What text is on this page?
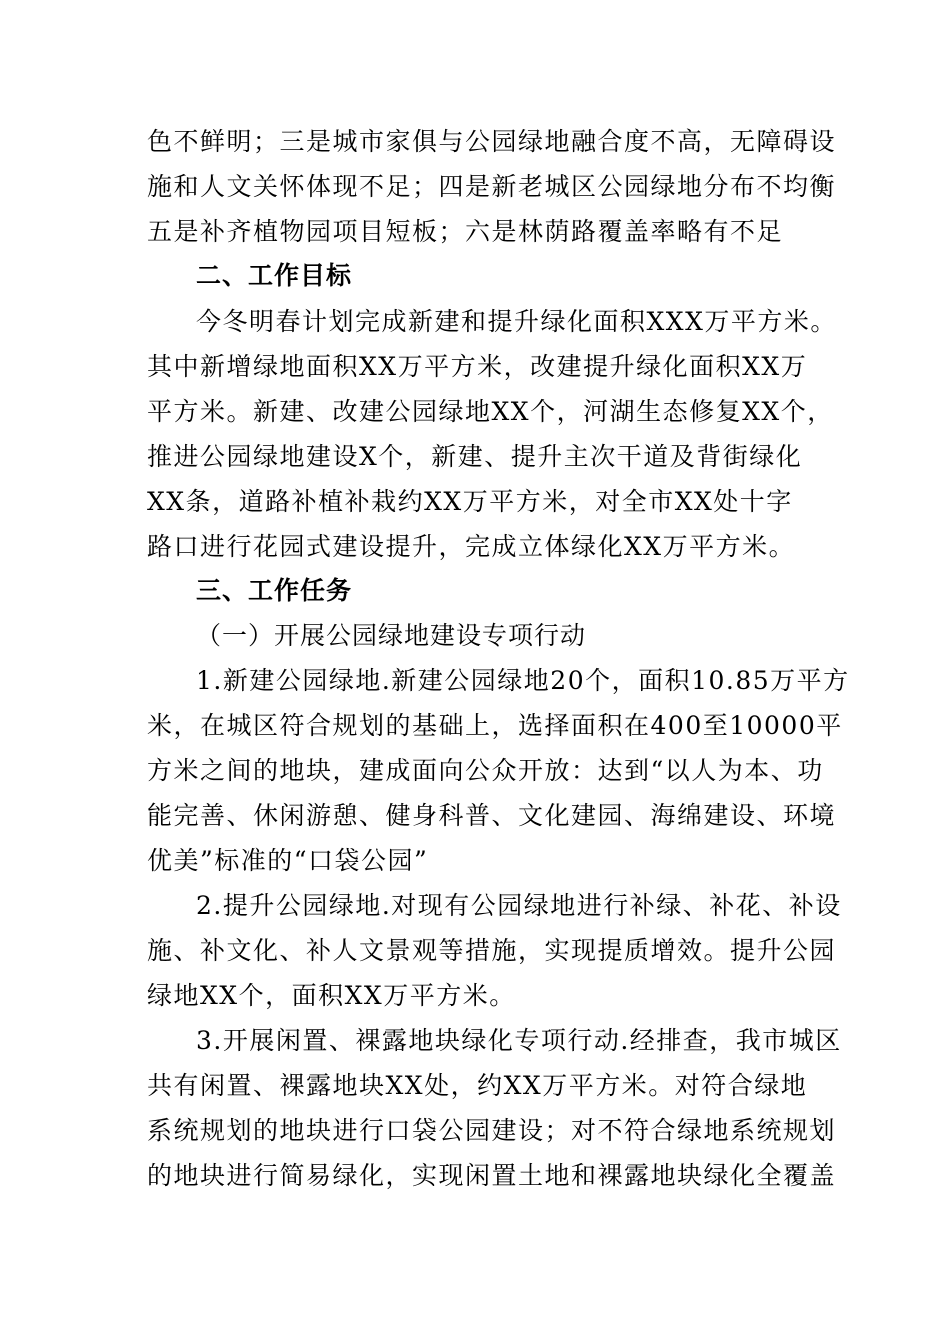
色不鲜明；三是城市家俱与公园绿地融合度不高，无障碍设
施和人文关怀体现不足；四是新老城区公园绿地分布不均衡
五是补齐植物园项目短板；六是林荫路覆盖率略有不足
二、工作目标
今冬明春计划完成新建和提升绿化面积XXX万平方米。
其中新增绿地面积XX万平方米，改建提升绿化面积XX万
平方米。新建、改建公园绿地XX个，河湖生态修复XX个，
推进公园绿地建设X个，新建、提升主次干道及背街绿化
XX条，道路补植补栽约XX万平方米，对全市XX处十字
路口进行花园式建设提升，完成立体绿化XX万平方米。
三、工作任务
（一）开展公园绿地建设专项行动
1.新建公园绿地.新建公园绿地20个，面积10.85万平方
米，在城区符合规划的基础上，选择面积在400至10000平
方米之间的地块，建成面向公众开放：达到“以人为本、功
能完善、休闲游憩、健身科普、文化建园、海绵建设、环境
优美”标准的“口袋公园”
2.提升公园绿地.对现有公园绿地进行补绿、补花、补设
施、补文化、补人文景观等措施，实现提质增效。提升公园
绿地XX个，面积XX万平方米。
3.开展闲置、裸露地块绿化专项行动.经排查，我市城区
共有闲置、裸露地块XX处，约XX万平方米。对符合绿地
系统规划的地块进行口袋公园建设；对不符合绿地系统规划
的地块进行简易绿化，实现闲置土地和裸露地块绿化全覆盖
